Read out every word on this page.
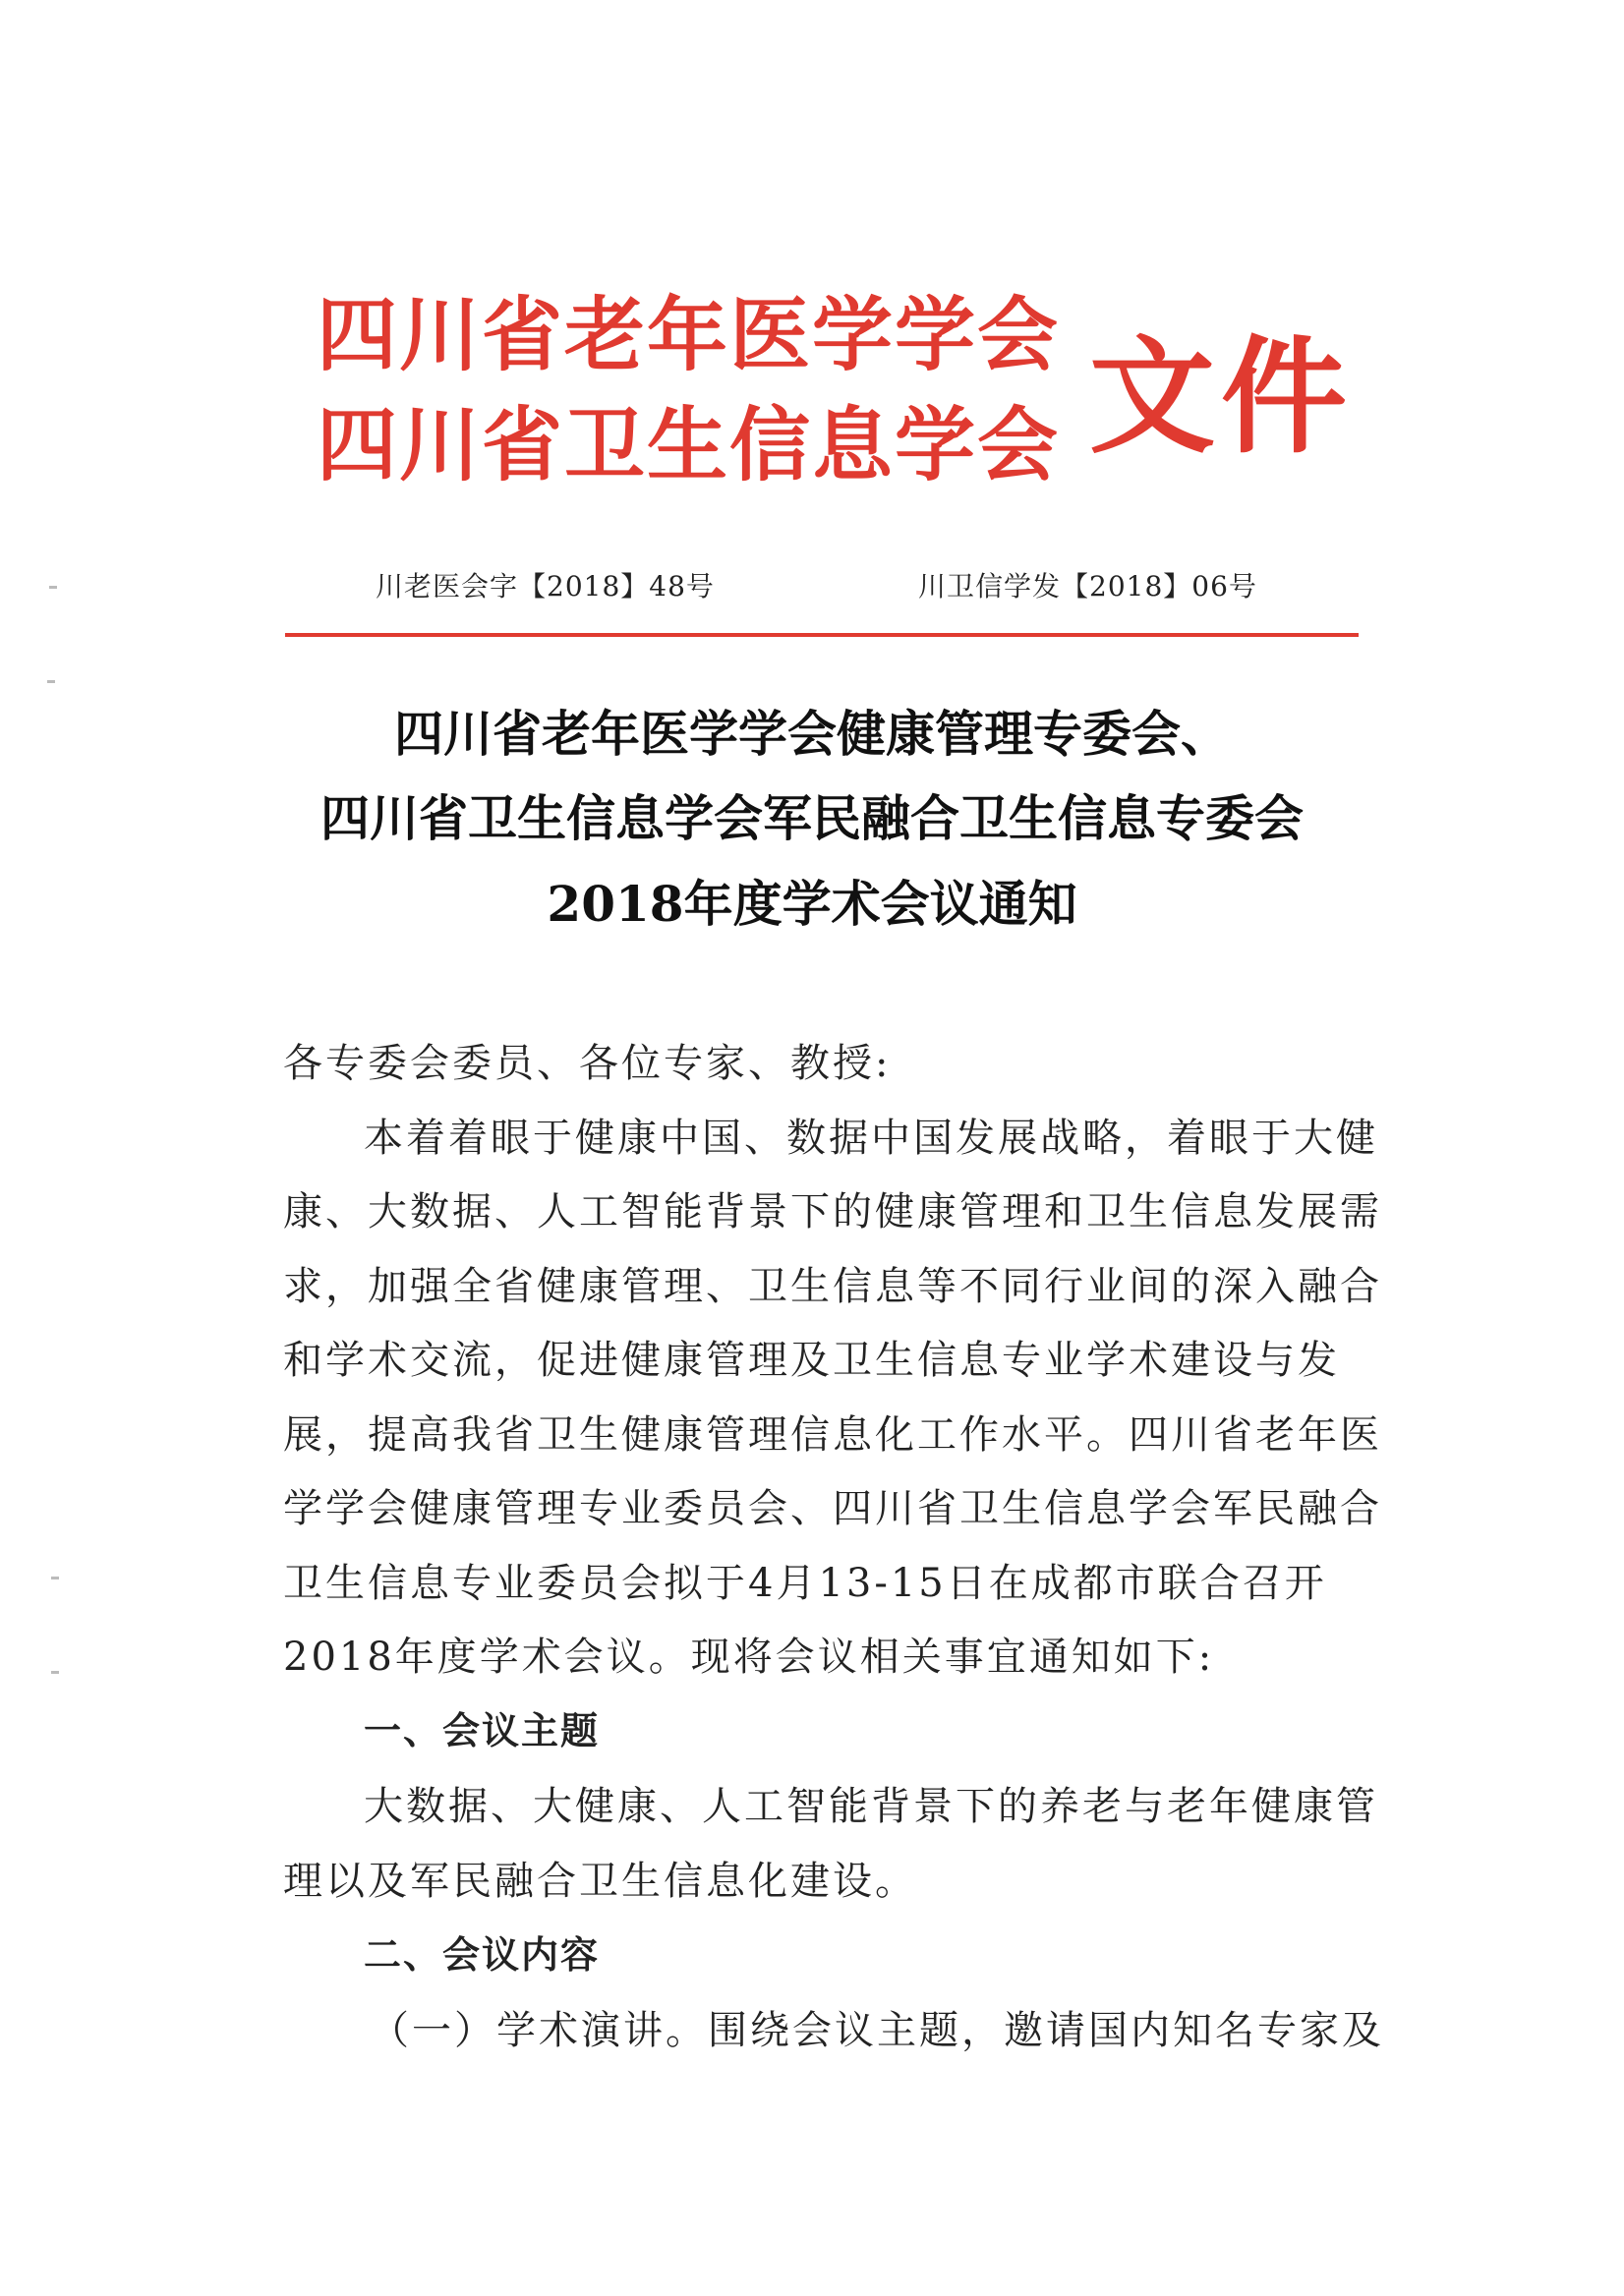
四川省老年医学学会
四川省卫生信息学会 文件
川老医会字【2018】48号	川卫信学发【2018】06号
四川省老年医学学会健康管理专委会、
四川省卫生信息学会军民融合卫生信息专委会
2018年度学术会议通知
各专委会委员、各位专家、教授:
本着着眼于健康中国、数据中国发展战略，着眼于大健
康、大数据、人工智能背景下的健康管理和卫生信息发展需
求，加强全省健康管理、卫生信息等不同行业间的深入融合
和学术交流，促进健康管理及卫生信息专业学术建设与发
展，提高我省卫生健康管理信息化工作水平。四川省老年医
学学会健康管理专业委员会、四川省卫生信息学会军民融合
卫生信息专业委员会拟于4月13-15日在成都市联合召开
2018年度学术会议。现将会议相关事宜通知如下:
一、会议主题
大数据、大健康、人工智能背景下的养老与老年健康管
理以及军民融合卫生信息化建设。
二、会议内容
（一）学术演讲。围绕会议主题，邀请国内知名专家及
